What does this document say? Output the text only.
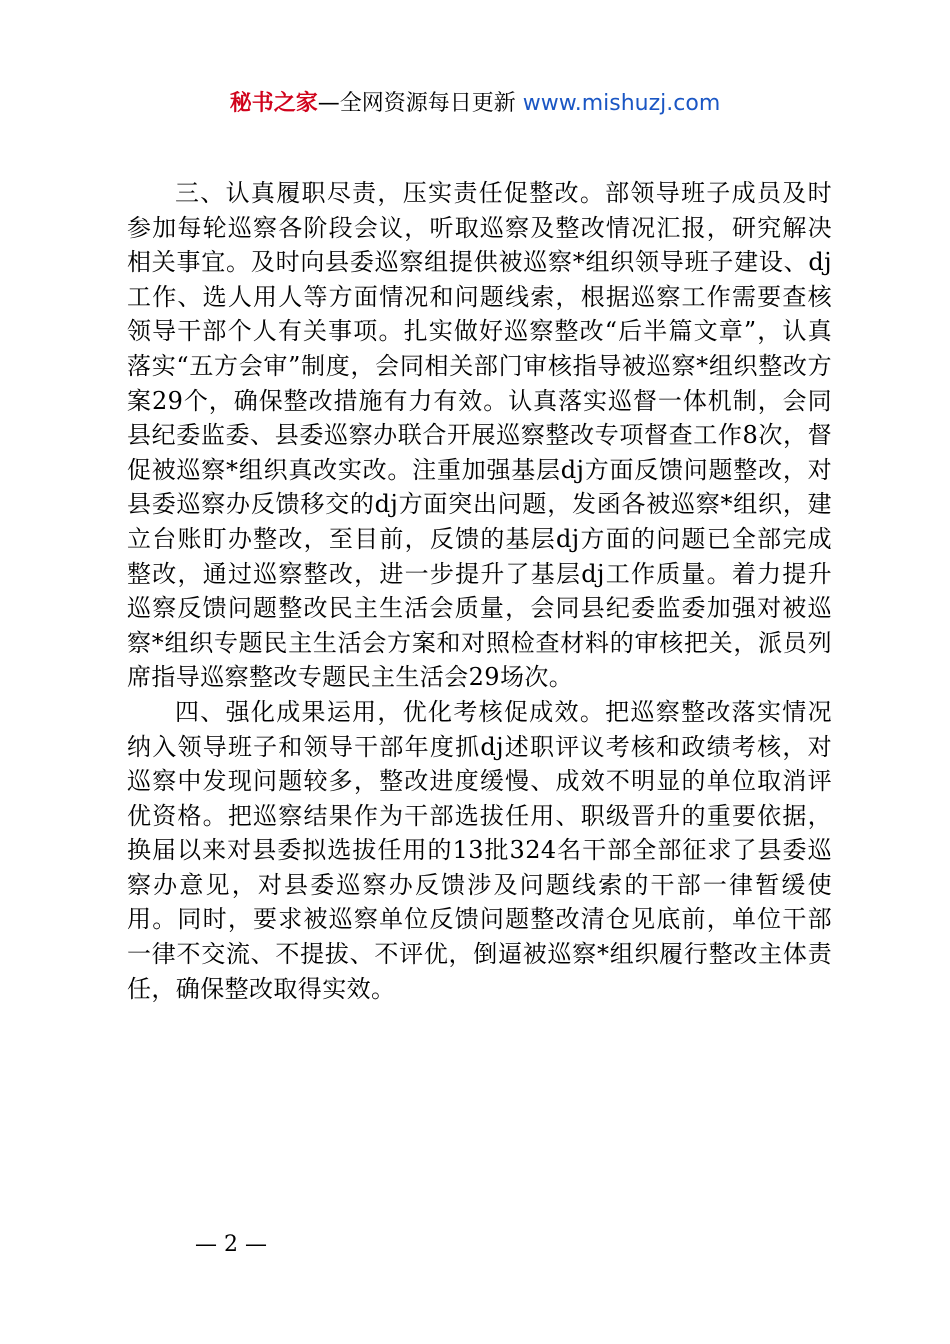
秘书之家—全网资源每日更新 www.mishuzj.com

三、认真履职尽责，压实责任促整改。部领导班子成员及时参加每轮巡察各阶段会议，听取巡察及整改情况汇报，研究解决相关事宜。及时向县委巡察组提供被巡察*组织领导班子建设、dj工作、选人用人等方面情况和问题线索，根据巡察工作需要查核领导干部个人有关事项。扎实做好巡察整改“后半篇文章”，认真落实“五方会审”制度，会同相关部门审核指导被巡察*组织整改方案29个，确保整改措施有力有效。认真落实巡督一体机制，会同县纪委监委、县委巡察办联合开展巡察整改专项督查工作8次，督促被巡察*组织真改实改。注重加强基层dj方面反馈问题整改，对县委巡察办反馈移交的dj方面突出问题，发函各被巡察*组织，建立台账盯办整改，至目前，反馈的基层dj方面的问题已全部完成整改，通过巡察整改，进一步提升了基层dj工作质量。着力提升巡察反馈问题整改民主生活会质量，会同县纪委监委加强对被巡察*组织专题民主生活会方案和对照检查材料的审核把关，派员列席指导巡察整改专题民主生活会29场次。

四、强化成果运用，优化考核促成效。把巡察整改落实情况纳入领导班子和领导干部年度抓dj述职评议考核和政绩考核，对巡察中发现问题较多，整改进度缓慢、成效不明显的单位取消评优资格。把巡察结果作为干部选拔任用、职级晋升的重要依据，换届以来对县委拟选拔任用的13批324名干部全部征求了县委巡察办意见，对县委巡察办反馈涉及问题线索的干部一律暂缓使用。同时，要求被巡察单位反馈问题整改清仓见底前，单位干部一律不交流、不提拔、不评优，倒逼被巡察*组织履行整改主体责任，确保整改取得实效。

— 2 —
